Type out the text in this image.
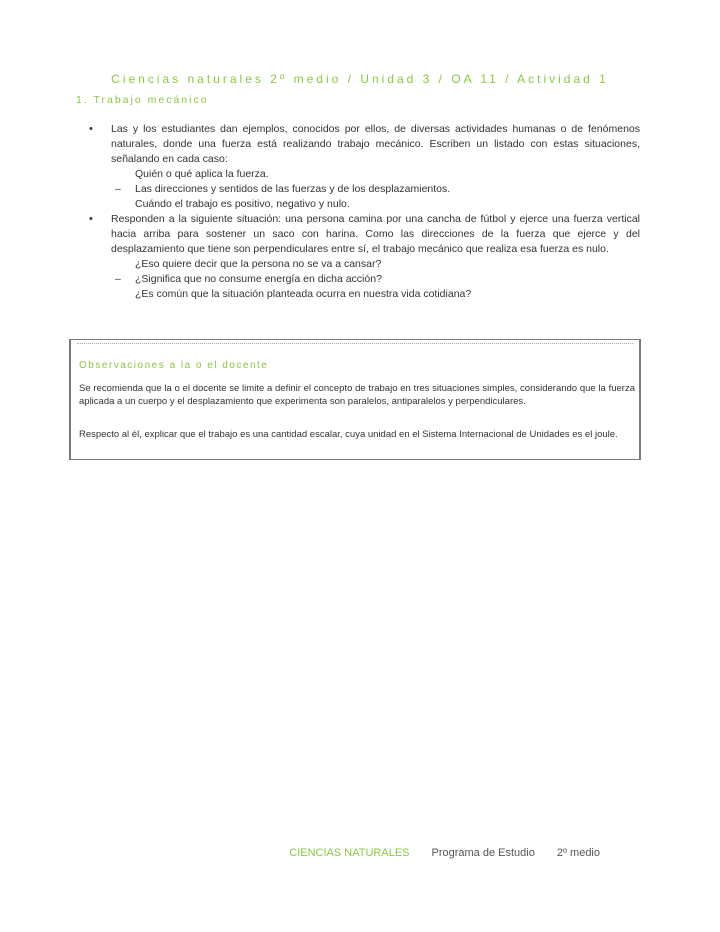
Ciencias naturales 2º medio / Unidad 3 / OA 11 / Actividad 1
1. Trabajo mecánico

• Las y los estudiantes dan ejemplos, conocidos por ellos, de diversas actividades humanas o de fenómenos naturales, donde una fuerza está realizando trabajo mecánico. Escriben un listado con estas situaciones, señalando en cada caso:

Quién o qué aplica la fuerza.

– Las direcciones y sentidos de las fuerzas y de los desplazamientos.

Cuándo el trabajo es positivo, negativo y nulo.

• Responden a la siguiente situación: una persona camina por una cancha de fútbol y ejerce una fuerza vertical hacia arriba para sostener un saco con harina. Como las direcciones de la fuerza que ejerce y del desplazamiento que tiene son perpendiculares entre sí, el trabajo mecánico que realiza esa fuerza es nulo.

¿Eso quiere decir que la persona no se va a cansar?

– ¿Significa que no consume energía en dicha acción?

¿Es común que la situación planteada ocurra en nuestra vida cotidiana?

Observaciones a la o el docente

Se recomienda que la o el docente se limite a definir el concepto de trabajo en tres situaciones simples, considerando que la fuerza aplicada a un cuerpo y el desplazamiento que experimenta son paralelos, antiparalelos y perpendiculares.

Respecto al él, explicar que el trabajo es una cantidad escalar, cuya unidad en el Sistema Internacional de Unidades es el joule.

CIENCIAS NATURALES Programa de Estudio 2º medio
